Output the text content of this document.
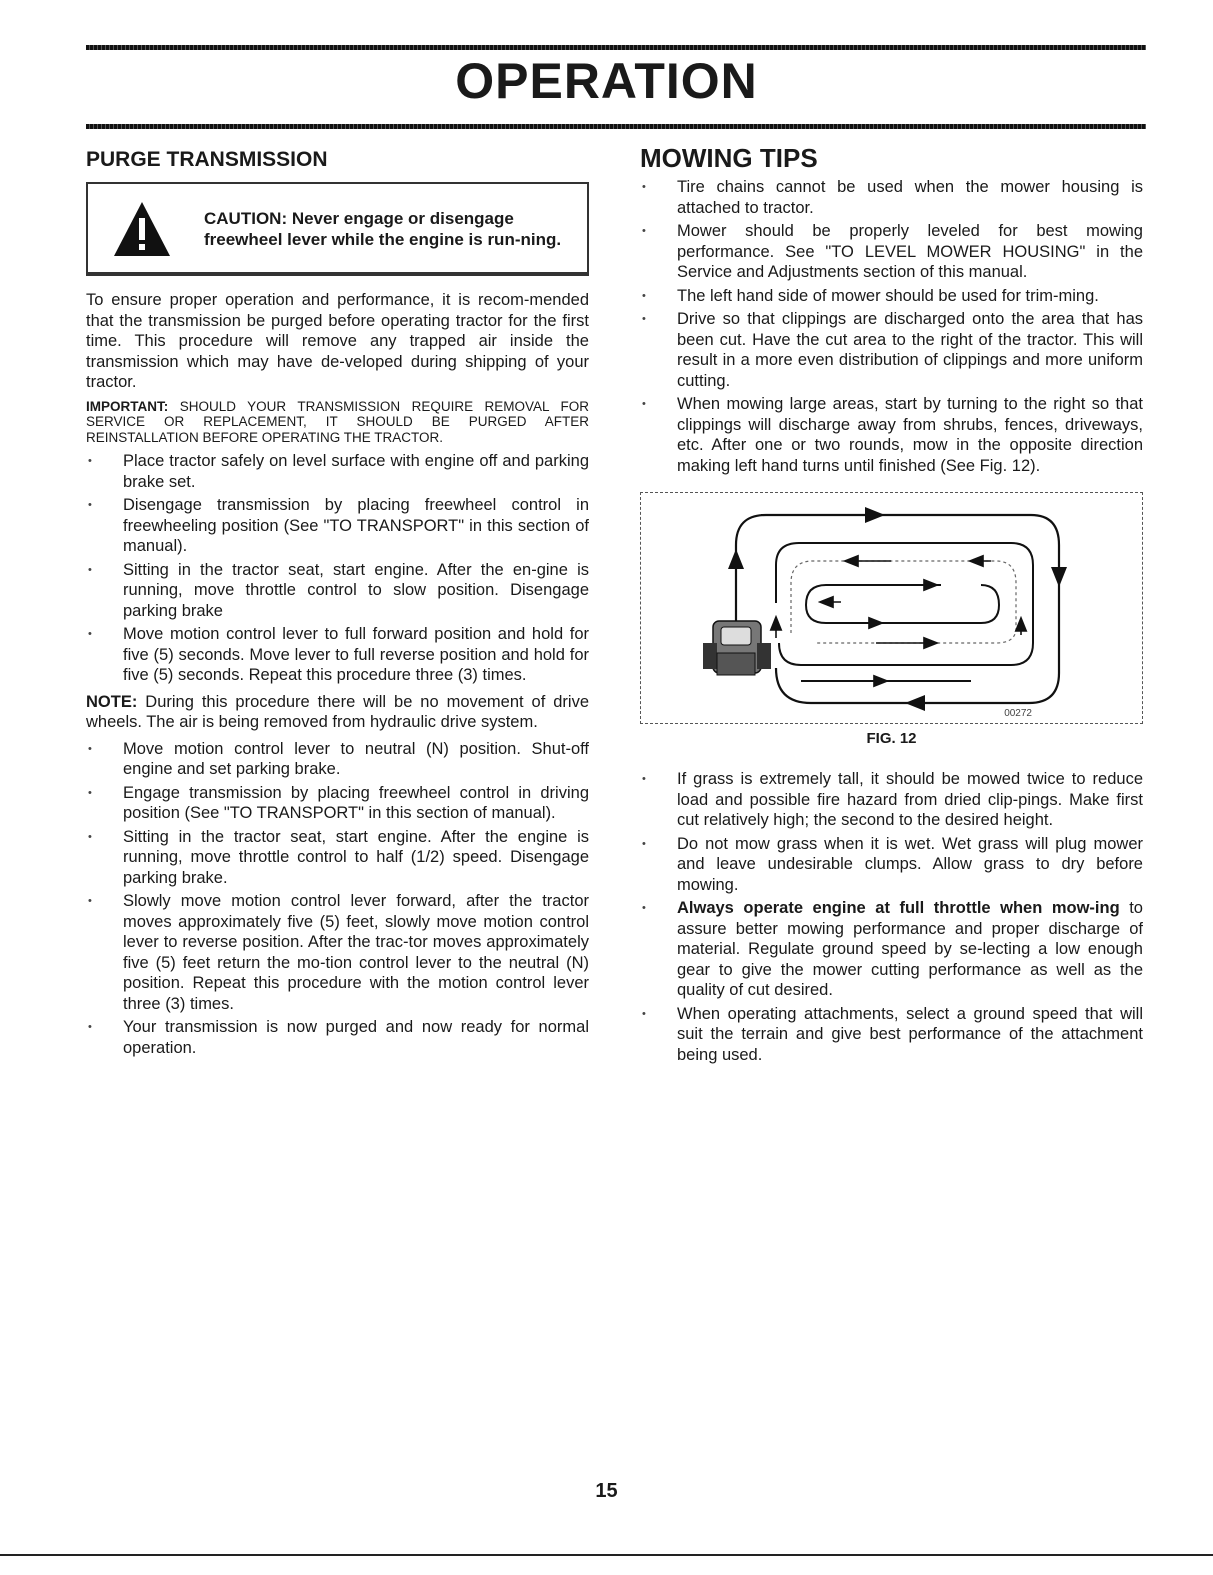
OPERATION
PURGE TRANSMISSION
CAUTION: Never engage or disengage freewheel lever while the engine is run-ning.

To ensure proper operation and performance, it is recom-mended that the transmission be purged before operating tractor for the first time. This procedure will remove any trapped air inside the transmission which may have de-veloped during shipping of your tractor.

IMPORTANT: SHOULD YOUR TRANSMISSION REQUIRE REMOVAL FOR SERVICE OR REPLACEMENT, IT SHOULD BE PURGED AFTER REINSTALLATION BEFORE OPERATING THE TRACTOR.

• Place tractor safely on level surface with engine off and parking brake set.
• Disengage transmission by placing freewheel control in freewheeling position (See "TO TRANSPORT" in this section of manual).
• Sitting in the tractor seat, start engine. After the en-gine is running, move throttle control to slow position. Disengage parking brake
• Move motion control lever to full forward position and hold for five (5) seconds. Move lever to full reverse position and hold for five (5) seconds. Repeat this procedure three (3) times.

NOTE: During this procedure there will be no movement of drive wheels. The air is being removed from hydraulic drive system.

• Move motion control lever to neutral (N) position. Shut-off engine and set parking brake.
• Engage transmission by placing freewheel control in driving position (See "TO TRANSPORT" in this section of manual).
• Sitting in the tractor seat, start engine. After the engine is running, move throttle control to half (1/2) speed. Disengage parking brake.
• Slowly move motion control lever forward, after the tractor moves approximately five (5) feet, slowly move motion control lever to reverse position. After the trac-tor moves approximately five (5) feet return the mo-tion control lever to the neutral (N) position. Repeat this procedure with the motion control lever three (3) times.
• Your transmission is now purged and now ready for normal operation.
MOWING TIPS
• Tire chains cannot be used when the mower housing is attached to tractor.
• Mower should be properly leveled for best mowing performance. See "TO LEVEL MOWER HOUSING" in the Service and Adjustments section of this manual.
• The left hand side of mower should be used for trim-ming.
• Drive so that clippings are discharged onto the area that has been cut. Have the cut area to the right of the tractor. This will result in a more even distribution of clippings and more uniform cutting.
• When mowing large areas, start by turning to the right so that clippings will discharge away from shrubs, fences, driveways, etc. After one or two rounds, mow in the opposite direction making left hand turns until finished (See Fig. 12).
00272
FIG. 12
• If grass is extremely tall, it should be mowed twice to reduce load and possible fire hazard from dried clip-pings. Make first cut relatively high; the second to the desired height.
• Do not mow grass when it is wet. Wet grass will plug mower and leave undesirable clumps. Allow grass to dry before mowing.
• Always operate engine at full throttle when mow-ing to assure better mowing performance and proper discharge of material. Regulate ground speed by se-lecting a low enough gear to give the mower cutting performance as well as the quality of cut desired.
• When operating attachments, select a ground speed that will suit the terrain and give best performance of the attachment being used.
15
